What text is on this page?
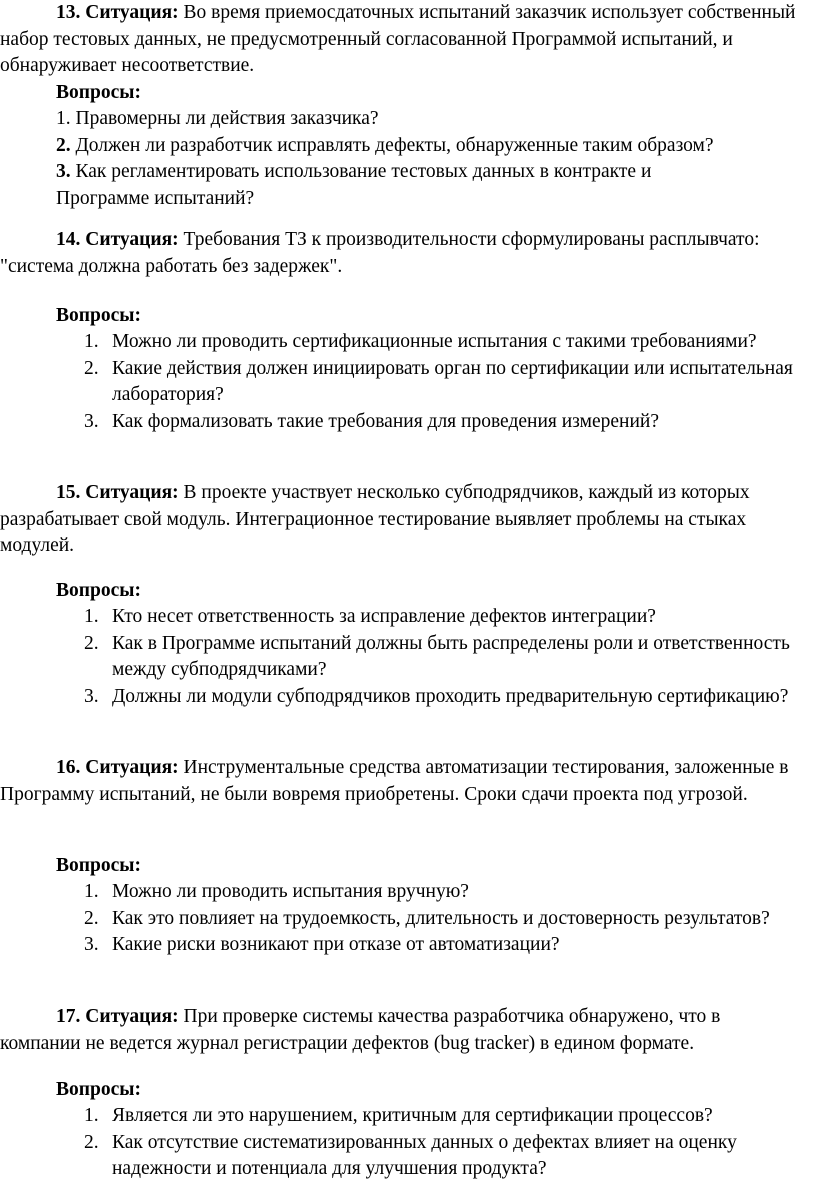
13. Ситуация: Во время приемосдаточных испытаний заказчик использует собственный набор тестовых данных, не предусмотренный согласованной Программой испытаний, и обнаруживает несоответствие.

Вопросы:

1. Правомерны ли действия заказчика?

2. Должен ли разработчик исправлять дефекты, обнаруженные таким образом?

3. Как регламентировать использование тестовых данных в контракте и

Программе испытаний?

14. Ситуация: Требования ТЗ к производительности сформулированы расплывчато: "система должна работать без задержек".

Вопросы:

1. Можно ли проводить сертификационные испытания с такими требованиями?
2. Какие действия должен инициировать орган по сертификации или испытательная лаборатория?
3. Как формализовать такие требования для проведения измерений?

15. Ситуация: В проекте участвует несколько субподрядчиков, каждый из которых разрабатывает свой модуль. Интеграционное тестирование выявляет проблемы на стыках модулей.

Вопросы:

1. Кто несет ответственность за исправление дефектов интеграции?
2. Как в Программе испытаний должны быть распределены роли и ответственность между субподрядчиками?
3. Должны ли модули субподрядчиков проходить предварительную сертификацию?

16. Ситуация: Инструментальные средства автоматизации тестирования, заложенные в Программу испытаний, не были вовремя приобретены. Сроки сдачи проекта под угрозой.

Вопросы:

1. Можно ли проводить испытания вручную?
2. Как это повлияет на трудоемкость, длительность и достоверность результатов?
3. Какие риски возникают при отказе от автоматизации?

17. Ситуация: При проверке системы качества разработчика обнаружено, что в компании не ведется журнал регистрации дефектов (bug tracker) в едином формате.

Вопросы:

1. Является ли это нарушением, критичным для сертификации процессов?
2. Как отсутствие систематизированных данных о дефектах влияет на оценку надежности и потенциала для улучшения продукта?
